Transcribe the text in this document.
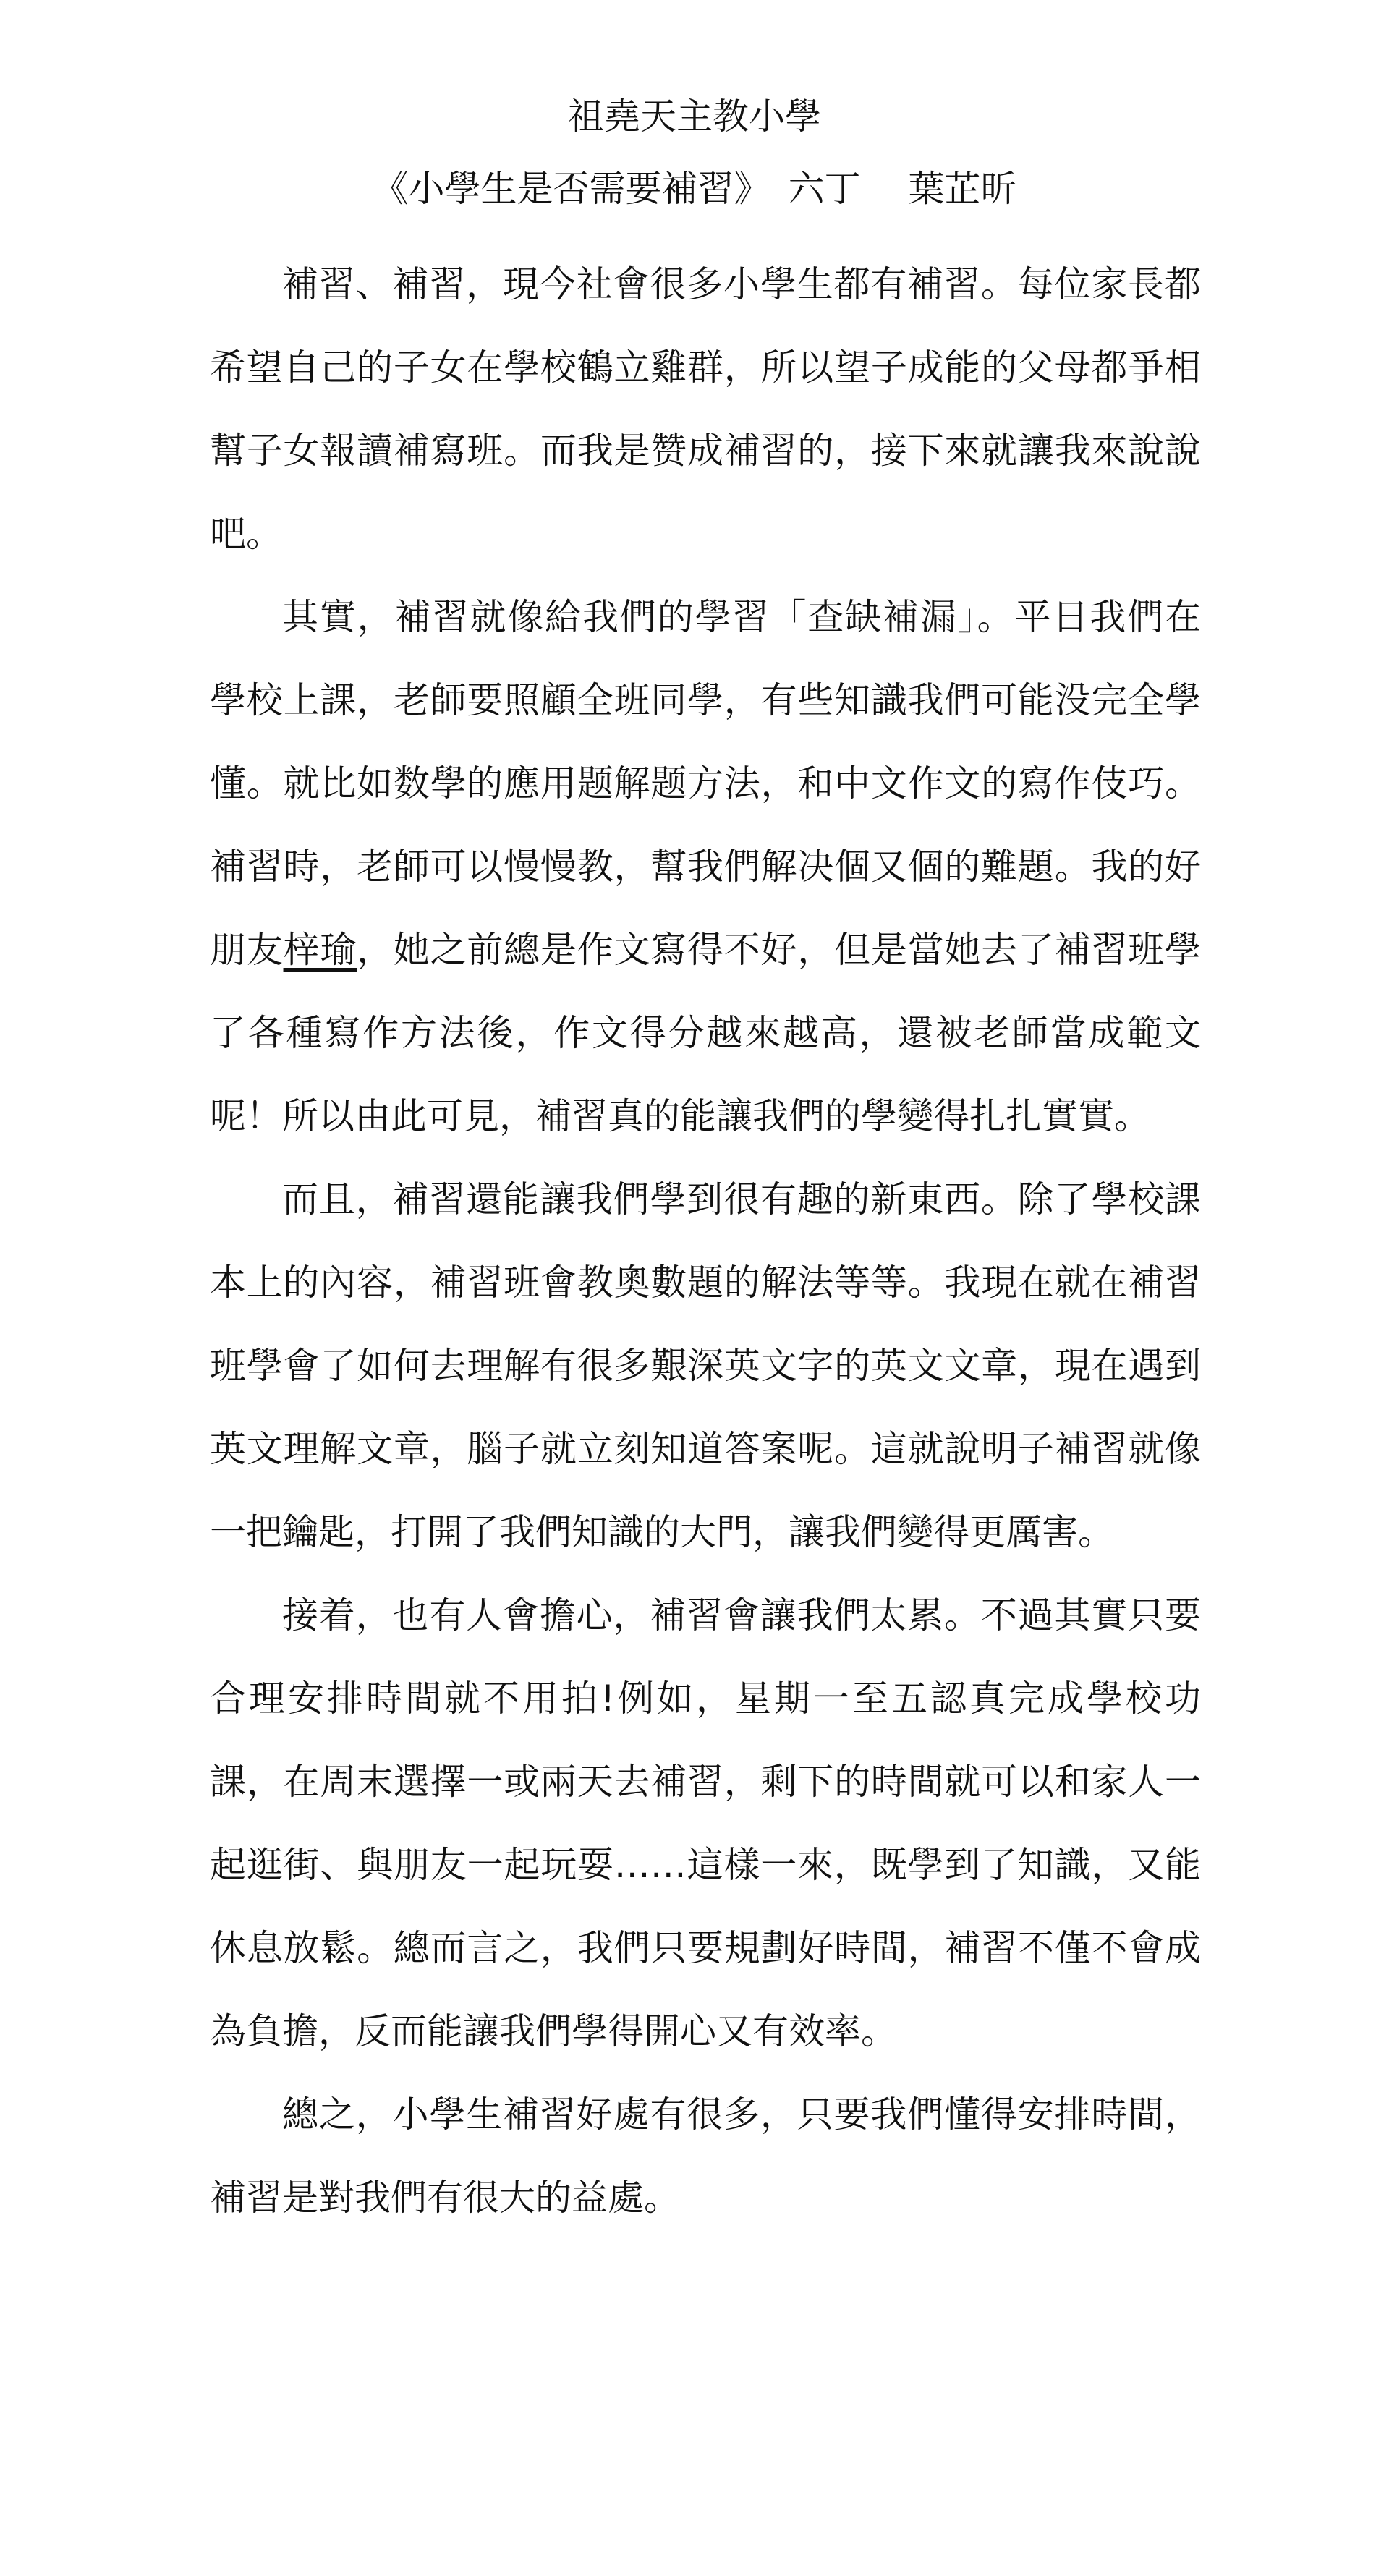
祖堯天主教小學
《小學生是否需要補習》　六丁　 葉芷昕

補習、補習，現今社會很多小學生都有補習。每位家長都希望自己的子女在學校鶴立雞群，所以望子成能的父母都爭相幫子女報讀補寫班。而我是赞成補習的，接下來就讓我來說說吧。

其實，補習就像給我們的學習「查缺補漏」。平日我們在學校上課，老師要照顧全班同學，有些知識我們可能没完全學懂。就比如数學的應用题解题方法，和中文作文的寫作伎巧。補習時，老師可以慢慢教，幫我們解决個又個的難題。我的好朋友梓瑜，她之前總是作文寫得不好，但是當她去了補習班學了各種寫作方法後，作文得分越來越高，還被老師當成範文呢！所以由此可見，補習真的能讓我們的學變得扎扎實實。

而且，補習還能讓我們學到很有趣的新東西。除了學校課本上的內容，補習班會教奧數題的解法等等。我現在就在補習班學會了如何去理解有很多艱深英文字的英文文章，現在遇到英文理解文章，腦子就立刻知道答案呢。這就說明子補習就像一把鑰匙，打開了我們知識的大門，讓我們變得更厲害。

接着，也有人會擔心，補習會讓我們太累。不過其實只要合理安排時間就不用拍!例如，星期一至五認真完成學校功課，在周末選擇一或兩天去補習，剩下的時間就可以和家人一起逛街、與朋友一起玩耍……這樣一來，既學到了知識，又能休息放鬆。總而言之，我們只要規劃好時間，補習不僅不會成為負擔，反而能讓我們學得開心又有效率。

總之，小學生補習好處有很多，只要我們懂得安排時間，補習是對我們有很大的益處。
